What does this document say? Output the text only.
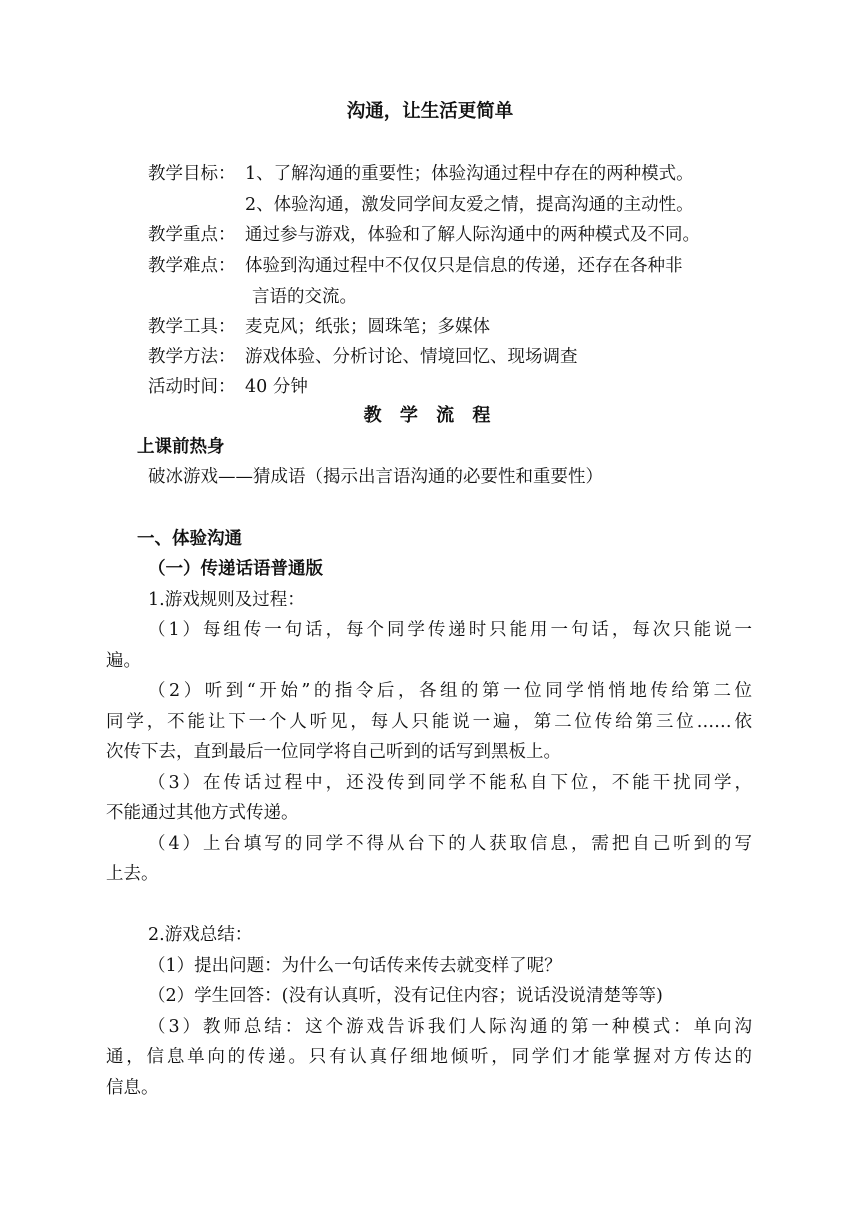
沟通，让生活更简单
教学目标： 1、了解沟通的重要性；体验沟通过程中存在的两种模式。
2、体验沟通，激发同学间友爱之情，提高沟通的主动性。
教学重点： 通过参与游戏，体验和了解人际沟通中的两种模式及不同。
教学难点： 体验到沟通过程中不仅仅只是信息的传递，还存在各种非
言语的交流。
教学工具： 麦克风；纸张；圆珠笔；多媒体
教学方法： 游戏体验、分析讨论、情境回忆、现场调查
活动时间： 40 分钟
教 学 流 程
上课前热身
破冰游戏——猜成语（揭示出言语沟通的必要性和重要性）
一、体验沟通
（一）传递话语普通版
1.游戏规则及过程：
（1）每组传一句话，每个同学传递时只能用一句话，每次只能说一
遍。
（2）听到“开始”的指令后，各组的第一位同学悄悄地传给第二位
同学，不能让下一个人听见，每人只能说一遍，第二位传给第三位……依
次传下去，直到最后一位同学将自己听到的话写到黑板上。
（3）在传话过程中，还没传到同学不能私自下位，不能干扰同学，
不能通过其他方式传递。
（4）上台填写的同学不得从台下的人获取信息，需把自己听到的写
上去。
2.游戏总结：
（1）提出问题：为什么一句话传来传去就变样了呢？
（2）学生回答：(没有认真听，没有记住内容；说话没说清楚等等)
（3）教师总结：这个游戏告诉我们人际沟通的第一种模式：单向沟
通，信息单向的传递。只有认真仔细地倾听，同学们才能掌握对方传达的
信息。
